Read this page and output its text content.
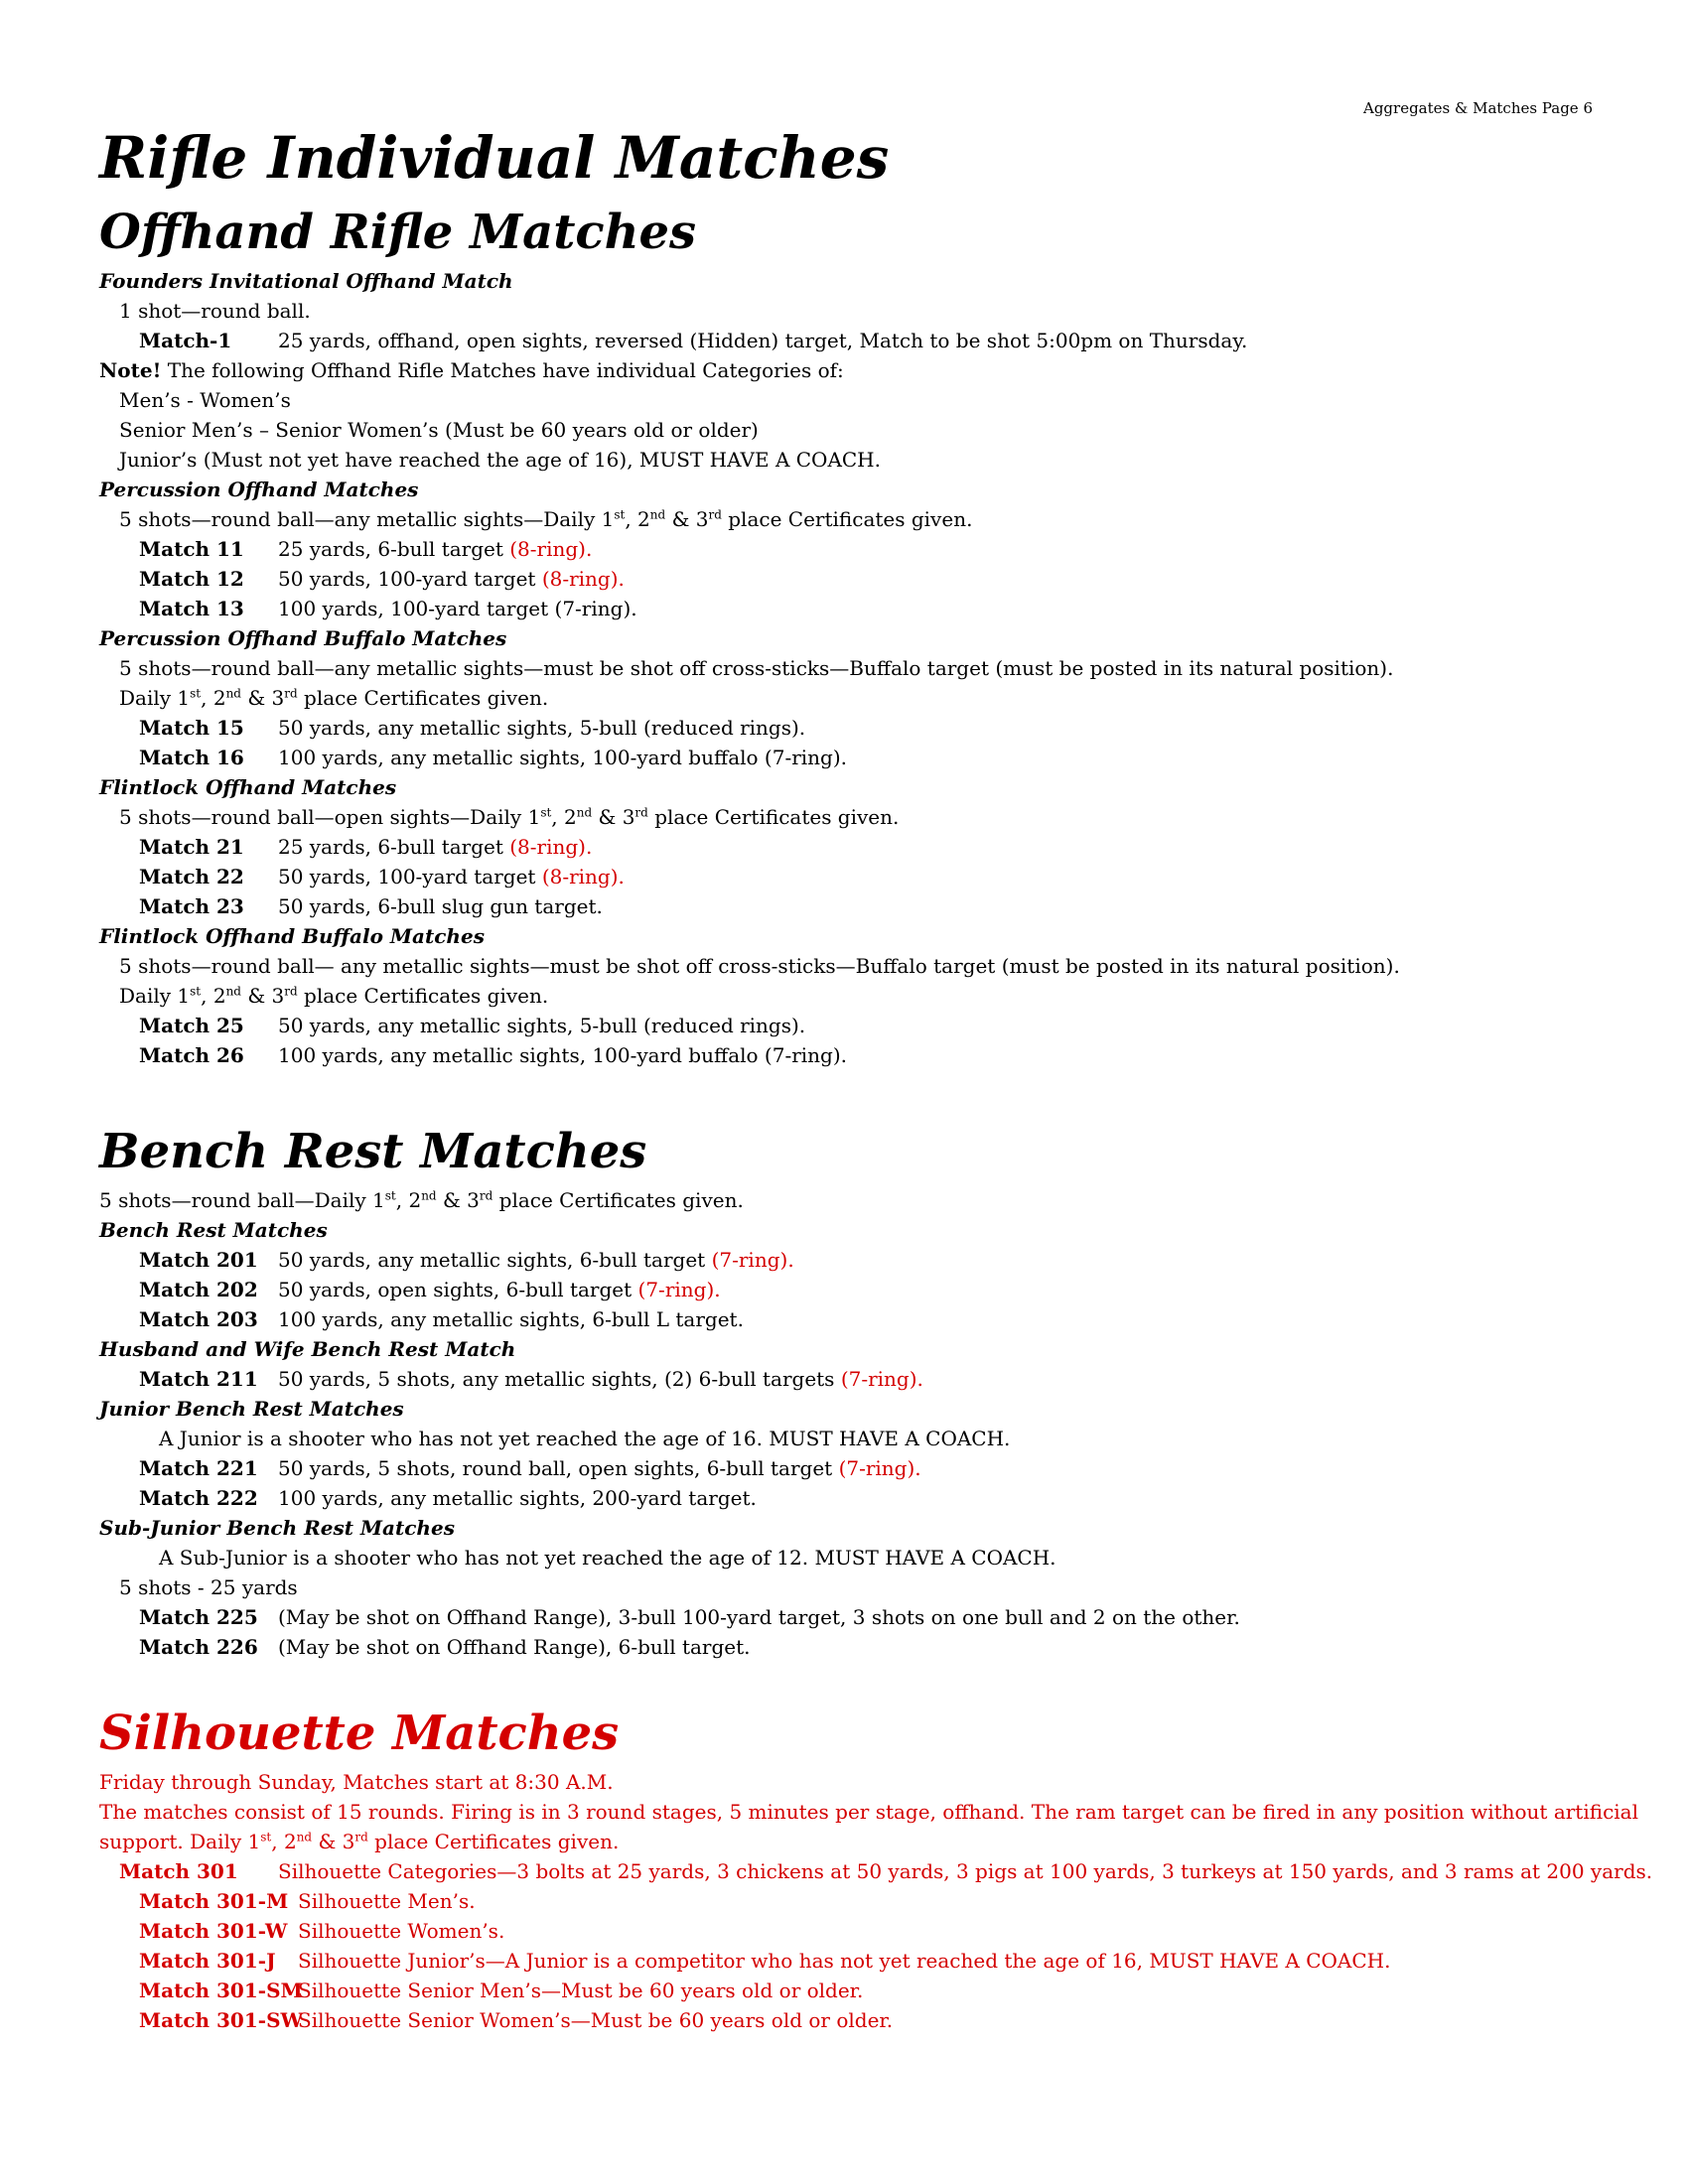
Aggregates & Matches Page 6
Rifle Individual Matches
Offhand Rifle Matches
Founders Invitational Offhand Match
1 shot—round ball.
Match-1	25 yards, offhand, open sights, reversed (Hidden) target, Match to be shot 5:00pm on Thursday.
Note! The following Offhand Rifle Matches have individual Categories of:
Men’s - Women’s
Senior Men’s – Senior Women’s (Must be 60 years old or older)
Junior’s (Must not yet have reached the age of 16), MUST HAVE A COACH.
Percussion Offhand Matches
5 shots—round ball—any metallic sights—Daily 1st, 2nd & 3rd place Certificates given.
Match 11	25 yards, 6-bull target (8-ring).
Match 12	50 yards, 100-yard target (8-ring).
Match 13	100 yards, 100-yard target (7-ring).
Percussion Offhand Buffalo Matches
5 shots—round ball—any metallic sights—must be shot off cross-sticks—Buffalo target (must be posted in its natural position).
Daily 1st, 2nd & 3rd place Certificates given.
Match 15	50 yards, any metallic sights, 5-bull (reduced rings).
Match 16	100 yards, any metallic sights, 100-yard buffalo (7-ring).
Flintlock Offhand Matches
5 shots—round ball—open sights—Daily 1st, 2nd & 3rd place Certificates given.
Match 21	25 yards, 6-bull target (8-ring).
Match 22	50 yards, 100-yard target (8-ring).
Match 23	50 yards, 6-bull slug gun target.
Flintlock Offhand Buffalo Matches
5 shots—round ball— any metallic sights—must be shot off cross-sticks—Buffalo target (must be posted in its natural position).
Daily 1st, 2nd & 3rd place Certificates given.
Match 25	50 yards, any metallic sights, 5-bull (reduced rings).
Match 26	100 yards, any metallic sights, 100-yard buffalo (7-ring).
Bench Rest Matches
5 shots—round ball—Daily 1st, 2nd & 3rd place Certificates given.
Bench Rest Matches
Match 201	50 yards, any metallic sights, 6-bull target (7-ring).
Match 202	50 yards, open sights, 6-bull target (7-ring).
Match 203	100 yards, any metallic sights, 6-bull L target.
Husband and Wife Bench Rest Match
Match 211	50 yards, 5 shots, any metallic sights, (2) 6-bull targets (7-ring).
Junior Bench Rest Matches
A Junior is a shooter who has not yet reached the age of 16. MUST HAVE A COACH.
Match 221	50 yards, 5 shots, round ball, open sights, 6-bull target (7-ring).
Match 222	100 yards, any metallic sights, 200-yard target.
Sub-Junior Bench Rest Matches
A Sub-Junior is a shooter who has not yet reached the age of 12. MUST HAVE A COACH.
5 shots - 25 yards
Match 225	(May be shot on Offhand Range), 3-bull 100-yard target, 3 shots on one bull and 2 on the other.
Match 226	(May be shot on Offhand Range), 6-bull target.
Silhouette Matches
Friday through Sunday, Matches start at 8:30 A.M.
The matches consist of 15 rounds. Firing is in 3 round stages, 5 minutes per stage, offhand. The ram target can be fired in any position without artificial
support. Daily 1st, 2nd & 3rd place Certificates given.
Match 301	Silhouette Categories—3 bolts at 25 yards, 3 chickens at 50 yards, 3 pigs at 100 yards, 3 turkeys at 150 yards, and 3 rams at 200 yards.
Match 301-M Silhouette Men’s.
Match 301-W Silhouette Women’s.
Match 301-J	Silhouette Junior’s—A Junior is a competitor who has not yet reached the age of 16, MUST HAVE A COACH.
Match 301-SM
Silhouette Senior Men’s—Must be 60 years old or older.
Match 301-SW
Silhouette Senior Women’s—Must be 60 years old or older.
